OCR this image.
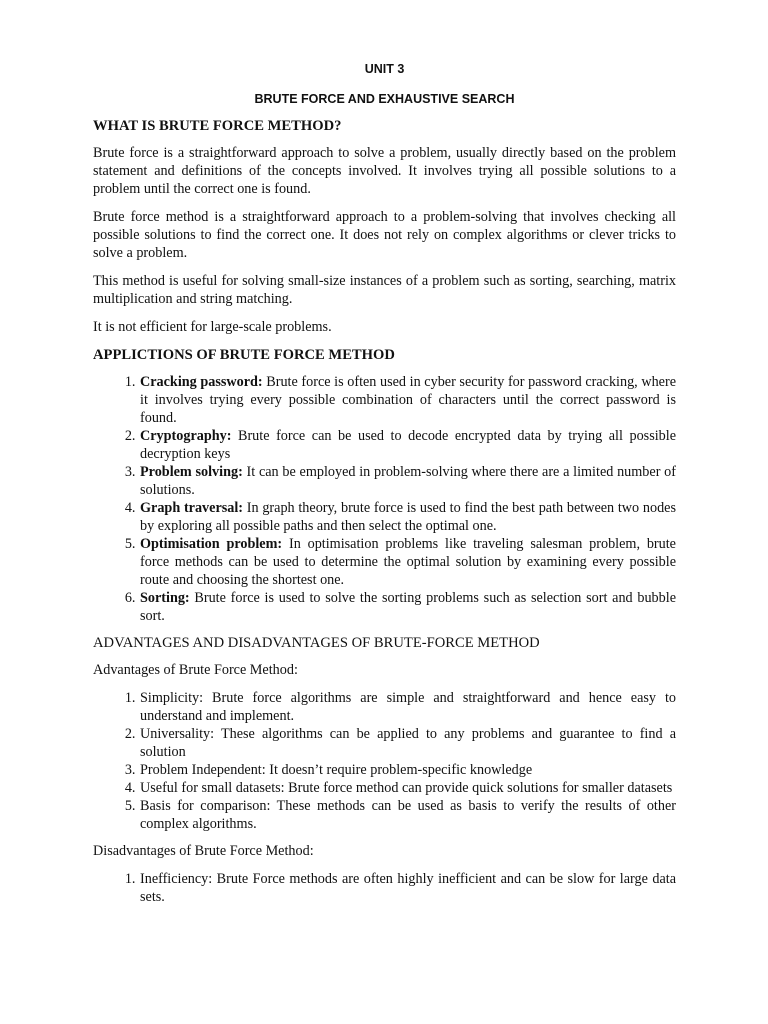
UNIT 3
BRUTE FORCE AND EXHAUSTIVE SEARCH
WHAT IS BRUTE FORCE METHOD?

Brute force is a straightforward approach to solve a problem, usually directly based on the problem statement and definitions of the concepts involved. It involves trying all possible solutions to a problem until the correct one is found.

Brute force method is a straightforward approach to a problem-solving that involves checking all possible solutions to find the correct one. It does not rely on complex algorithms or clever tricks to solve a problem.

This method is useful for solving small-size instances of a problem such as sorting, searching, matrix multiplication and string matching.

It is not efficient for large-scale problems.

APPLICTIONS OF BRUTE FORCE METHOD
1. Cracking password: Brute force is often used in cyber security for password cracking, where it involves trying every possible combination of characters until the correct password is found.
2. Cryptography: Brute force can be used to decode encrypted data by trying all possible decryption keys
3. Problem solving: It can be employed in problem-solving where there are a limited number of solutions.
4. Graph traversal: In graph theory, brute force is used to find the best path between two nodes by exploring all possible paths and then select the optimal one.
5. Optimisation problem: In optimisation problems like traveling salesman problem, brute force methods can be used to determine the optimal solution by examining every possible route and choosing the shortest one.
6. Sorting: Brute force is used to solve the sorting problems such as selection sort and bubble sort.
ADVANTAGES AND DISADVANTAGES OF BRUTE-FORCE METHOD

Advantages of Brute Force Method:

1. Simplicity: Brute force algorithms are simple and straightforward and hence easy to understand and implement.
2. Universality: These algorithms can be applied to any problems and guarantee to find a solution
3. Problem Independent: It doesn’t require problem-specific knowledge
4. Useful for small datasets: Brute force method can provide quick solutions for smaller datasets
5. Basis for comparison: These methods can be used as basis to verify the results of other complex algorithms.

Disadvantages of Brute Force Method:

1. Inefficiency: Brute Force methods are often highly inefficient and can be slow for large data sets.
